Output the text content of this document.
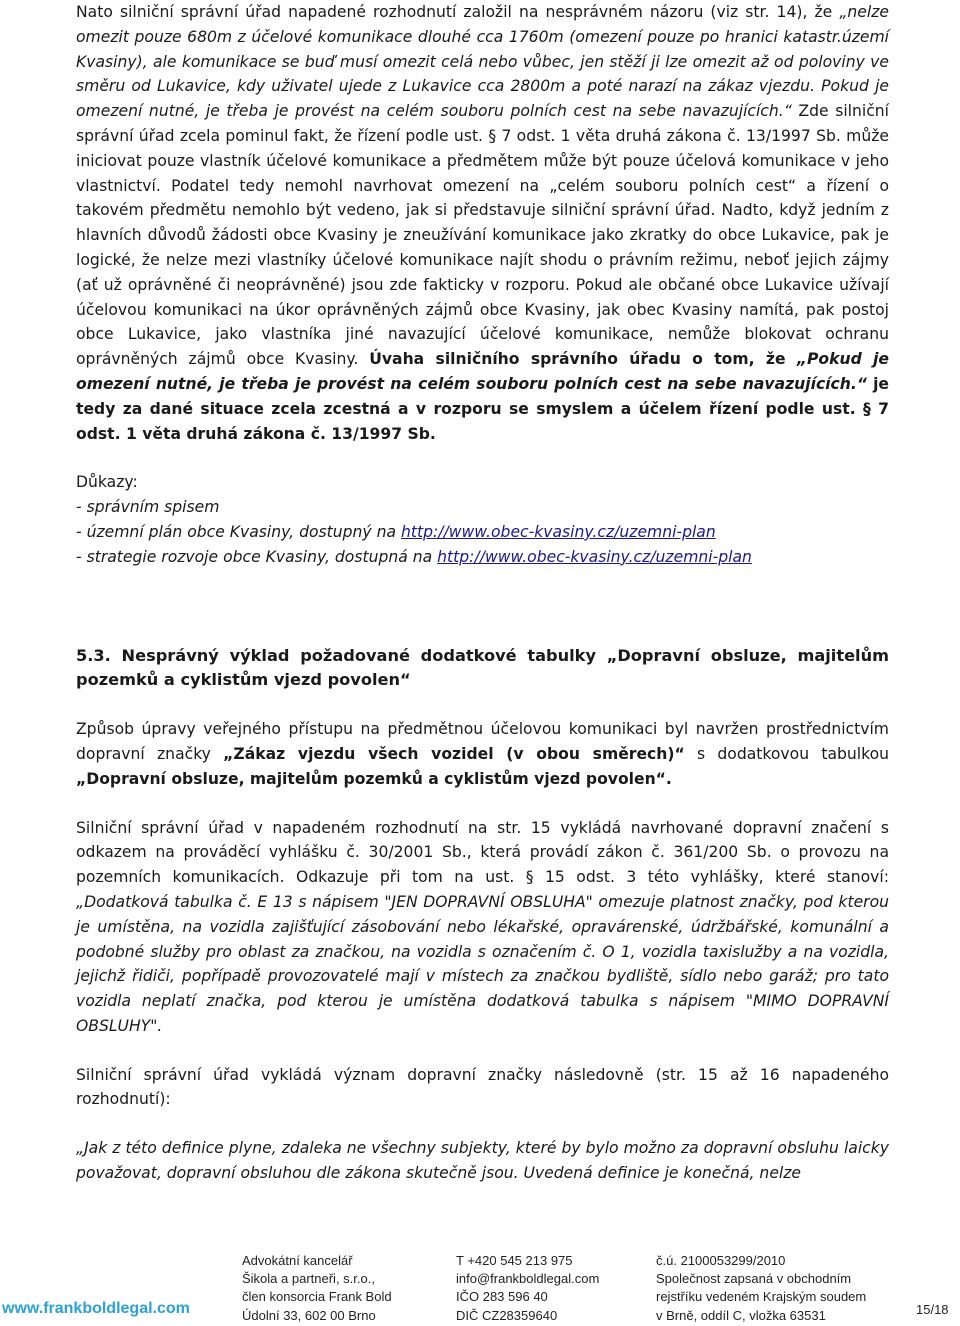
Nato silniční správní úřad napadené rozhodnutí založil na nesprávném názoru (viz str. 14), že „nelze omezit pouze 680m z účelové komunikace dlouhé cca 1760m (omezení pouze po hranici katastr.území Kvasiny), ale komunikace se buď musí omezit celá nebo vůbec, jen stěží ji lze omezit až od poloviny ve směru od Lukavice, kdy uživatel ujede z Lukavice cca 2800m a poté narazí na zákaz vjezdu. Pokud je omezení nutné, je třeba je provést na celém souboru polních cest na sebe navazujících.“ Zde silniční správní úřad zcela pominul fakt, že řízení podle ust. § 7 odst. 1 věta druhá zákona č. 13/1997 Sb. může iniciovat pouze vlastník účelové komunikace a předmětem může být pouze účelová komunikace v jeho vlastnictví. Podatel tedy nemohl navrhovat omezení na „celém souboru polních cest“ a řízení o takovém předmětu nemohlo být vedeno, jak si představuje silniční správní úřad. Nadto, když jedním z hlavních důvodů žádosti obce Kvasiny je zneužívání komunikace jako zkratky do obce Lukavice, pak je logické, že nelze mezi vlastníky účelové komunikace najít shodu o právním režimu, neboť jejich zájmy (ať už oprávněné či neoprávněné) jsou zde fakticky v rozporu. Pokud ale občané obce Lukavice užívají účelovou komunikaci na úkor oprávněných zájmů obce Kvasiny, jak obec Kvasiny namítá, pak postoj obce Lukavice, jako vlastníka jiné navazující účelové komunikace, nemůže blokovat ochranu oprávněných zájmů obce Kvasiny. Úvaha silničního správního úřadu o tom, že „Pokud je omezení nutné, je třeba je provést na celém souboru polních cest na sebe navazujících.“ je tedy za dané situace zcela zcestná a v rozporu se smyslem a účelem řízení podle ust. § 7 odst. 1 věta druhá zákona č. 13/1997 Sb.

Důkazy:

- správním spisem

- územní plán obce Kvasiny, dostupný na http://www.obec-kvasiny.cz/uzemni-plan

- strategie rozvoje obce Kvasiny, dostupná na http://www.obec-kvasiny.cz/uzemni-plan

5.3. Nesprávný výklad požadované dodatkové tabulky „Dopravní obsluze, majitelům pozemků a cyklistům vjezd povolen“

Způsob úpravy veřejného přístupu na předmětnou účelovou komunikaci byl navržen prostřednictvím dopravní značky „Zákaz vjezdu všech vozidel (v obou směrech)“ s dodatkovou tabulkou „Dopravní obsluze, majitelům pozemků a cyklistům vjezd povolen“.

Silniční správní úřad v napadeném rozhodnutí na str. 15 vykládá navrhované dopravní značení s odkazem na prováděcí vyhlášku č. 30/2001 Sb., která provádí zákon č. 361/200 Sb. o provozu na pozemních komunikacích. Odkazuje při tom na ust. § 15 odst. 3 této vyhlášky, které stanoví: „Dodatková tabulka č. E 13 s nápisem "JEN DOPRAVNÍ OBSLUHA" omezuje platnost značky, pod kterou je umístěna, na vozidla zajišťující zásobování nebo lékařské, opravárenské, údržbářské, komunální a podobné služby pro oblast za značkou, na vozidla s označením č. O 1, vozidla taxislužby a na vozidla, jejichž řidiči, popřípadě provozovatelé mají v místech za značkou bydliště, sídlo nebo garáž; pro tato vozidla neplatí značka, pod kterou je umístěna dodatková tabulka s nápisem "MIMO DOPRAVNÍ OBSLUHY".

Silniční správní úřad vykládá význam dopravní značky následovně (str. 15 až 16 napadeného rozhodnutí):

„Jak z této definice plyne, zdaleka ne všechny subjekty, které by bylo možno za dopravní obsluhu laicky považovat, dopravní obsluhou dle zákona skutečně jsou. Uvedená definice je konečná, nelze

www.frankboldlegal.com
Advokátní kancelář
Šikola a partneři, s.r.o.,
člen konsorcia Frank Bold
Údolní 33, 602 00 Brno
T +420 545 213 975
info@frankboldlegal.com
IČO 283 596 40
DIČ CZ28359640
č.ú. 2100053299/2010
Společnost zapsaná v obchodním
rejstříku vedeném Krajským soudem
v Brně, oddíl C, vložka 63531	15/18
